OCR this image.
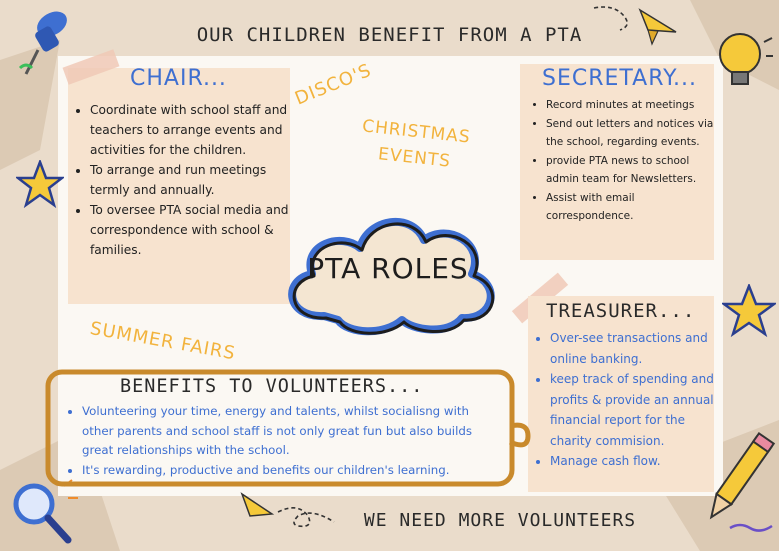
OUR CHILDREN BENEFIT FROM A PTA
CHAIR...
• Coordinate with school staff and teachers to arrange events and activities for the children.
• To arrange and run meetings termly and annually.
• To oversee PTA social media and correspondence with school & families.
SECRETARY...
• Record minutes at meetings
• Send out letters and notices via the school, regarding events.
• provide PTA news to school admin team for Newsletters.
• Assist with email correspondence.
TREASURER...
• Over-see transactions and online banking.
• keep track of spending and profits & provide an annual financial report for the charity commision.
• Manage cash flow.
DISCO'S
CHRISTMAS
EVENTS
SUMMER FAIRS
PTA ROLES
BENEFITS TO VOLUNTEERS...
• Volunteering your time, energy and talents, whilst socialisng with other parents and school staff is not only great fun but also builds great relationships with the school.
• It's rewarding, productive and benefits our children's learning.
WE NEED MORE VOLUNTEERS
